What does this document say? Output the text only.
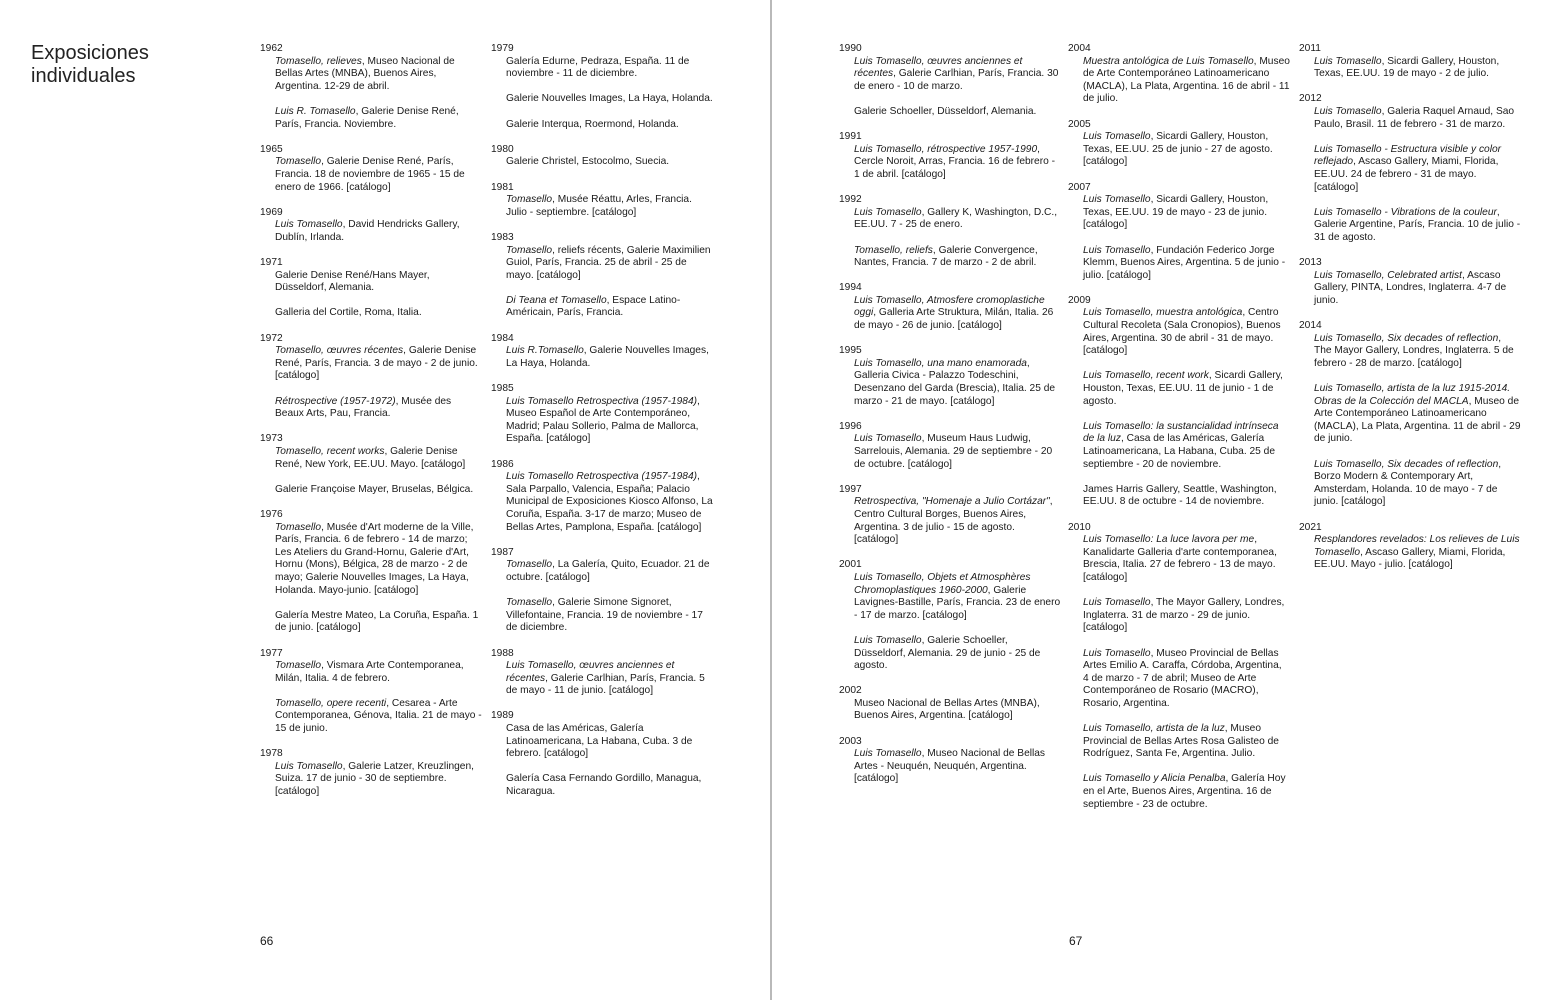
Exposiciones individuales
1962
Tomasello, relieves, Museo Nacional de Bellas Artes (MNBA), Buenos Aires, Argentina. 12-29 de abril.
Luis R. Tomasello, Galerie Denise René, París, Francia. Noviembre.
1965
Tomasello, Galerie Denise René, París, Francia. 18 de noviembre de 1965 - 15 de enero de 1966. [catálogo]
1969
Luis Tomasello, David Hendricks Gallery, Dublín, Irlanda.
1971
Galerie Denise René/Hans Mayer, Düsseldorf, Alemania.
Galleria del Cortile, Roma, Italia.
1972
Tomasello, œuvres récentes, Galerie Denise René, París, Francia. 3 de mayo - 2 de junio. [catálogo]
Rétrospective (1957-1972), Musée des Beaux Arts, Pau, Francia.
1973
Tomasello, recent works, Galerie Denise René, New York, EE.UU. Mayo. [catálogo]
Galerie Françoise Mayer, Bruselas, Bélgica.
1976
Tomasello, Musée d'Art moderne de la Ville, París, Francia. 6 de febrero - 14 de marzo; Les Ateliers du Grand-Hornu, Galerie d'Art, Hornu (Mons), Bélgica, 28 de marzo - 2 de mayo; Galerie Nouvelles Images, La Haya, Holanda. Mayo-junio. [catálogo]
Galería Mestre Mateo, La Coruña, España. 1 de junio. [catálogo]
1977
Tomasello, Vismara Arte Contemporanea, Milán, Italia. 4 de febrero.
Tomasello, opere recenti, Cesarea - Arte Contemporanea, Génova, Italia. 21 de mayo - 15 de junio.
1978
Luis Tomasello, Galerie Latzer, Kreuzlingen, Suiza. 17 de junio - 30 de septiembre. [catálogo]
1979
Galería Edurne, Pedraza, España. 11 de noviembre - 11 de diciembre.
Galerie Nouvelles Images, La Haya, Holanda.
Galerie Interqua, Roermond, Holanda.
1980
Galerie Christel, Estocolmo, Suecia.
1981
Tomasello, Musée Réattu, Arles, Francia. Julio - septiembre. [catálogo]
1983
Tomasello, reliefs récents, Galerie Maximilien Guiol, París, Francia. 25 de abril - 25 de mayo. [catálogo]
Di Teana et Tomasello, Espace Latino-Américain, París, Francia.
1984
Luis R.Tomasello, Galerie Nouvelles Images, La Haya, Holanda.
1985
Luis Tomasello Retrospectiva (1957-1984), Museo Español de Arte Contemporáneo, Madrid; Palau Sollerio, Palma de Mallorca, España. [catálogo]
1986
Luis Tomasello Retrospectiva (1957-1984), Sala Parpallo, Valencia, España; Palacio Municipal de Exposiciones Kiosco Alfonso, La Coruña, España. 3-17 de marzo; Museo de Bellas Artes, Pamplona, España. [catálogo]
1987
Tomasello, La Galería, Quito, Ecuador. 21 de octubre. [catálogo]
Tomasello, Galerie Simone Signoret, Villefontaine, Francia. 19 de noviembre - 17 de diciembre.
1988
Luis Tomasello, œuvres anciennes et récentes, Galerie Carlhian, París, Francia. 5 de mayo - 11 de junio. [catálogo]
1989
Casa de las Américas, Galería Latinoamericana, La Habana, Cuba. 3 de febrero. [catálogo]
Galería Casa Fernando Gordillo, Managua, Nicaragua.
66
1990
Luis Tomasello, œuvres anciennes et récentes, Galerie Carlhian, París, Francia. 30 de enero - 10 de marzo.
Galerie Schoeller, Düsseldorf, Alemania.
1991
Luis Tomasello, rétrospective 1957-1990, Cercle Noroit, Arras, Francia. 16 de febrero - 1 de abril. [catálogo]
1992
Luis Tomasello, Gallery K, Washington, D.C., EE.UU. 7 - 25 de enero.
Tomasello, reliefs, Galerie Convergence, Nantes, Francia. 7 de marzo - 2 de abril.
1994
Luis Tomasello, Atmosfere cromoplastiche oggi, Galleria Arte Struktura, Milán, Italia. 26 de mayo - 26 de junio. [catálogo]
1995
Luis Tomasello, una mano enamorada, Galleria Civica - Palazzo Todeschini, Desenzano del Garda (Brescia), Italia. 25 de marzo - 21 de mayo. [catálogo]
1996
Luis Tomasello, Museum Haus Ludwig, Sarrelouis, Alemania. 29 de septiembre - 20 de octubre. [catálogo]
1997
Retrospectiva, "Homenaje a Julio Cortázar", Centro Cultural Borges, Buenos Aires, Argentina. 3 de julio - 15 de agosto. [catálogo]
2001
Luis Tomasello, Objets et Atmosphères Chromoplastiques 1960-2000, Galerie Lavignes-Bastille, París, Francia. 23 de enero - 17 de marzo. [catálogo]
Luis Tomasello, Galerie Schoeller, Düsseldorf, Alemania. 29 de junio - 25 de agosto.
2002
Museo Nacional de Bellas Artes (MNBA), Buenos Aires, Argentina. [catálogo]
2003
Luis Tomasello, Museo Nacional de Bellas Artes - Neuquén, Neuquén, Argentina. [catálogo]
2004
Muestra antológica de Luis Tomasello, Museo de Arte Contemporáneo Latinoamericano (MACLA), La Plata, Argentina. 16 de abril - 11 de julio.
2005
Luis Tomasello, Sicardi Gallery, Houston, Texas, EE.UU. 25 de junio - 27 de agosto. [catálogo]
2007
Luis Tomasello, Sicardi Gallery, Houston, Texas, EE.UU. 19 de mayo - 23 de junio. [catálogo]
Luis Tomasello, Fundación Federico Jorge Klemm, Buenos Aires, Argentina. 5 de junio - julio. [catálogo]
2009
Luis Tomasello, muestra antológica, Centro Cultural Recoleta (Sala Cronopios), Buenos Aires, Argentina. 30 de abril - 31 de mayo. [catálogo]
Luis Tomasello, recent work, Sicardi Gallery, Houston, Texas, EE.UU. 11 de junio - 1 de agosto.
Luis Tomasello: la sustancialidad intrínseca de la luz, Casa de las Américas, Galería Latinoamericana, La Habana, Cuba. 25 de septiembre - 20 de noviembre.
James Harris Gallery, Seattle, Washington, EE.UU. 8 de octubre - 14 de noviembre.
2010
Luis Tomasello: La luce lavora per me, Kanalidarte Galleria d'arte contemporanea, Brescia, Italia. 27 de febrero - 13 de mayo. [catálogo]
Luis Tomasello, The Mayor Gallery, Londres, Inglaterra. 31 de marzo - 29 de junio. [catálogo]
Luis Tomasello, Museo Provincial de Bellas Artes Emilio A. Caraffa, Córdoba, Argentina, 4 de marzo - 7 de abril; Museo de Arte Contemporáneo de Rosario (MACRO), Rosario, Argentina.
Luis Tomasello, artista de la luz, Museo Provincial de Bellas Artes Rosa Galisteo de Rodríguez, Santa Fe, Argentina. Julio.
Luis Tomasello y Alicia Penalba, Galería Hoy en el Arte, Buenos Aires, Argentina. 16 de septiembre - 23 de octubre.
2011
Luis Tomasello, Sicardi Gallery, Houston, Texas, EE.UU. 19 de mayo - 2 de julio.
2012
Luis Tomasello, Galeria Raquel Arnaud, Sao Paulo, Brasil. 11 de febrero - 31 de marzo.
Luis Tomasello - Estructura visible y color reflejado, Ascaso Gallery, Miami, Florida, EE.UU. 24 de febrero - 31 de mayo. [catálogo]
Luis Tomasello - Vibrations de la couleur, Galerie Argentine, París, Francia. 10 de julio - 31 de agosto.
2013
Luis Tomasello, Celebrated artist, Ascaso Gallery, PINTA, Londres, Inglaterra. 4-7 de junio.
2014
Luis Tomasello, Six decades of reflection, The Mayor Gallery, Londres, Inglaterra. 5 de febrero - 28 de marzo. [catálogo]
Luis Tomasello, artista de la luz 1915-2014. Obras de la Colección del MACLA, Museo de Arte Contemporáneo Latinoamericano (MACLA), La Plata, Argentina. 11 de abril - 29 de junio.
Luis Tomasello, Six decades of reflection, Borzo Modern & Contemporary Art, Amsterdam, Holanda. 10 de mayo - 7 de junio. [catálogo]
2021
Resplandores revelados: Los relieves de Luis Tomasello, Ascaso Gallery, Miami, Florida, EE.UU. Mayo - julio. [catálogo]
67
